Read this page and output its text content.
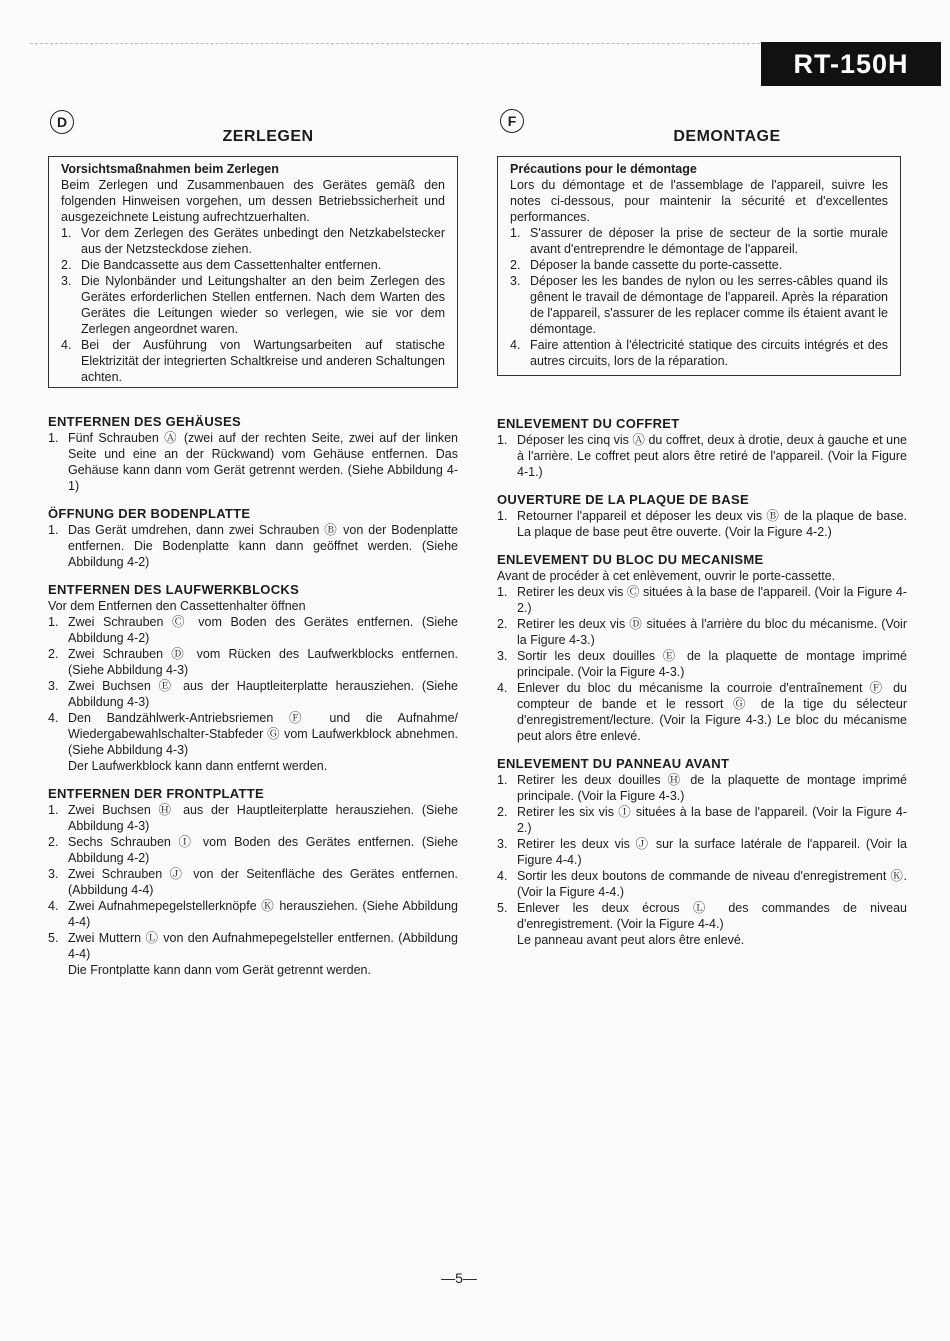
RT-150H
D
ZERLEGEN
Vorsichtsmaßnahmen beim Zerlegen
Beim Zerlegen und Zusammenbauen des Gerätes gemäß den folgenden Hinweisen vorgehen, um dessen Betriebssicherheit und ausgezeichnete Leistung aufrechtzuerhalten.
1. Vor dem Zerlegen des Gerätes unbedingt den Netzkabelstecker aus der Netzsteckdose ziehen.
2. Die Bandcassette aus dem Cassettenhalter entfernen.
3. Die Nylonbänder und Leitungshalter an den beim Zerlegen des Gerätes erforderlichen Stellen entfernen. Nach dem Warten des Gerätes die Leitungen wieder so verlegen, wie sie vor dem Zerlegen angeordnet waren.
4. Bei der Ausführung von Wartungsarbeiten auf statische Elektrizität der integrierten Schaltkreise und anderen Schaltungen achten.
ENTFERNEN DES GEHÄUSES
1. Fünf Schrauben Ⓐ (zwei auf der rechten Seite, zwei auf der linken Seite und eine an der Rückwand) vom Gehäuse entfernen. Das Gehäuse kann dann vom Gerät getrennt werden. (Siehe Abbildung 4-1)
ÖFFNUNG DER BODENPLATTE
1. Das Gerät umdrehen, dann zwei Schrauben Ⓑ von der Bodenplatte entfernen. Die Bodenplatte kann dann geöffnet werden. (Siehe Abbildung 4-2)
ENTFERNEN DES LAUFWERKBLOCKS
Vor dem Entfernen den Cassettenhalter öffnen
1. Zwei Schrauben Ⓒ vom Boden des Gerätes entfernen. (Siehe Abbildung 4-2)
2. Zwei Schrauben Ⓓ vom Rücken des Laufwerkblocks entfernen. (Siehe Abbildung 4-3)
3. Zwei Buchsen Ⓔ aus der Hauptleiterplatte herausziehen. (Siehe Abbildung 4-3)
4. Den Bandzählwerk-Antriebsriemen Ⓕ und die Aufnahme/ Wiedergabewahlschalter-Stabfeder Ⓖ vom Laufwerkblock abnehmen. (Siehe Abbildung 4-3)
Der Laufwerkblock kann dann entfernt werden.
ENTFERNEN DER FRONTPLATTE
1. Zwei Buchsen Ⓗ aus der Hauptleiterplatte herausziehen. (Siehe Abbildung 4-3)
2. Sechs Schrauben Ⓘ vom Boden des Gerätes entfernen. (Siehe Abbildung 4-2)
3. Zwei Schrauben Ⓙ von der Seitenfläche des Gerätes entfernen. (Abbildung 4-4)
4. Zwei Aufnahmepegelstellerknöpfe Ⓚ herausziehen. (Siehe Abbildung 4-4)
5. Zwei Muttern Ⓛ von den Aufnahmepegelsteller entfernen. (Abbildung 4-4)
Die Frontplatte kann dann vom Gerät getrennt werden.
F
DEMONTAGE
Précautions pour le démontage
Lors du démontage et de l'assemblage de l'appareil, suivre les notes ci-dessous, pour maintenir la sécurité et d'excellentes performances.
1. S'assurer de déposer la prise de secteur de la sortie murale avant d'entreprendre le démontage de l'appareil.
2. Déposer la bande cassette du porte-cassette.
3. Déposer les les bandes de nylon ou les serres-câbles quand ils gênent le travail de démontage de l'appareil. Après la réparation de l'appareil, s'assurer de les replacer comme ils étaient avant le démontage.
4. Faire attention à l'électricité statique des circuits intégrés et des autres circuits, lors de la réparation.
ENLEVEMENT DU COFFRET
1. Déposer les cinq vis Ⓐ du coffret, deux à drotie, deux à gauche et une à l'arrière. Le coffret peut alors être retiré de l'appareil. (Voir la Figure 4-1.)
OUVERTURE DE LA PLAQUE DE BASE
1. Retourner l'appareil et déposer les deux vis Ⓑ de la plaque de base. La plaque de base peut être ouverte. (Voir la Figure 4-2.)
ENLEVEMENT DU BLOC DU MECANISME
Avant de procéder à cet enlèvement, ouvrir le porte-cassette.
1. Retirer les deux vis Ⓒ situées à la base de l'appareil. (Voir la Figure 4-2.)
2. Retirer les deux vis Ⓓ situées à l'arrière du bloc du mécanisme. (Voir la Figure 4-3.)
3. Sortir les deux douilles Ⓔ de la plaquette de montage imprimé principale. (Voir la Figure 4-3.)
4. Enlever du bloc du mécanisme la courroie d'entraînement Ⓕ du compteur de bande et le ressort Ⓖ de la tige du sélecteur d'enregistrement/lecture. (Voir la Figure 4-3.) Le bloc du mécanisme peut alors être enlevé.
ENLEVEMENT DU PANNEAU AVANT
1. Retirer les deux douilles Ⓗ de la plaquette de montage imprimé principale. (Voir la Figure 4-3.)
2. Retirer les six vis Ⓘ situées à la base de l'appareil. (Voir la Figure 4-2.)
3. Retirer les deux vis Ⓙ sur la surface latérale de l'appareil. (Voir la Figure 4-4.)
4. Sortir les deux boutons de commande de niveau d'enregistrement Ⓚ. (Voir la Figure 4-4.)
5. Enlever les deux écrous Ⓛ des commandes de niveau d'enregistrement. (Voir la Figure 4-4.)
Le panneau avant peut alors être enlevé.
—5—
